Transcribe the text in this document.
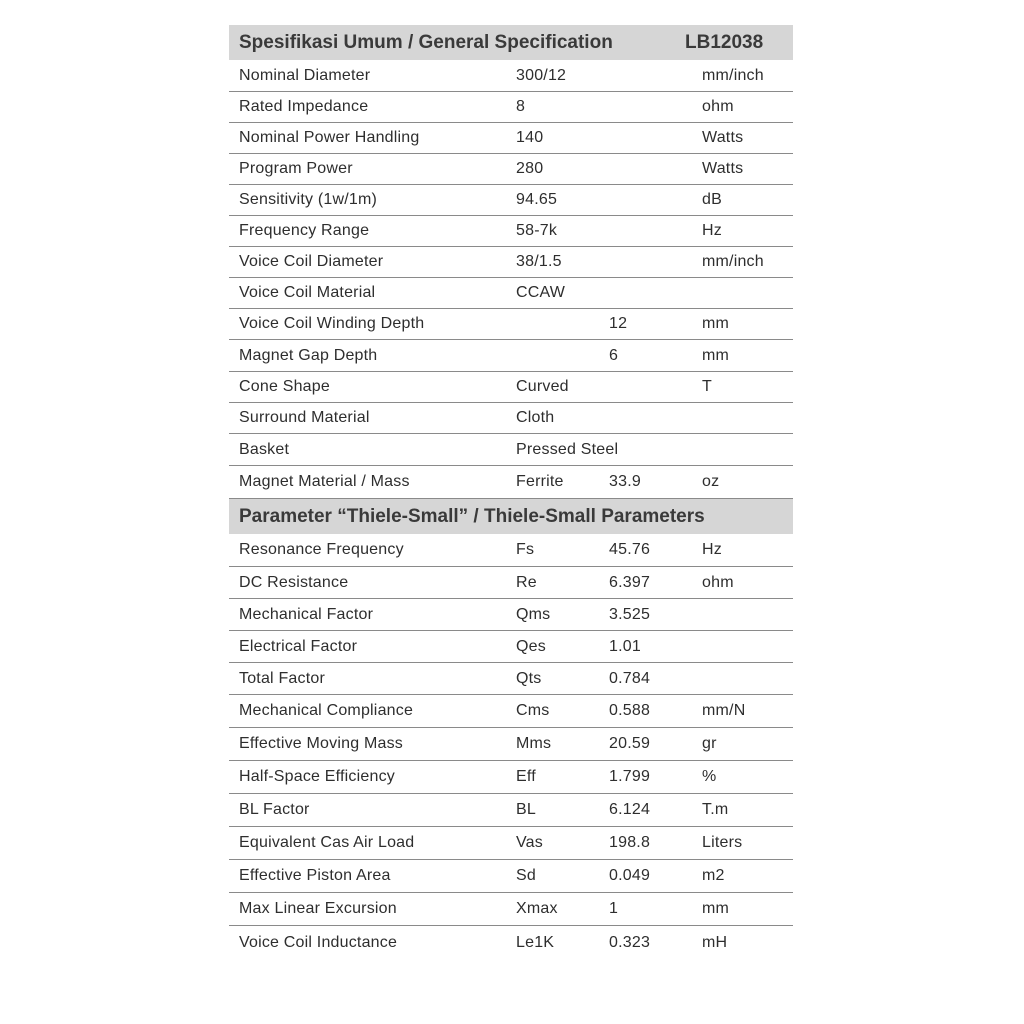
Spesifikasi Umum / General Specification	LB12038
Nominal Diameter	300/12	mm/inch
Rated Impedance	8	ohm
Nominal Power Handling	140	Watts
Program Power	280	Watts
Sensitivity (1w/1m)	94.65	dB
Frequency Range	58-7k	Hz
Voice Coil Diameter	38/1.5	mm/inch
Voice Coil Material	CCAW
Voice Coil Winding Depth	12	mm
Magnet Gap Depth	6	mm
Cone Shape	Curved	T
Surround Material	Cloth
Basket	Pressed Steel
Magnet Material / Mass	Ferrite	33.9	oz
Parameter “Thiele-Small” / Thiele-Small Parameters
Resonance Frequency	Fs	45.76	Hz
DC Resistance	Re	6.397	ohm
Mechanical Factor	Qms	3.525
Electrical Factor	Qes	1.01
Total Factor	Qts	0.784
Mechanical Compliance	Cms	0.588	mm/N
Effective Moving Mass	Mms	20.59	gr
Half-Space Efficiency	Eff	1.799	%
BL Factor	BL	6.124	T.m
Equivalent Cas Air Load	Vas	198.8	Liters
Effective Piston Area	Sd	0.049	m2
Max Linear Excursion	Xmax	1	mm
Voice Coil Inductance	Le1K	0.323	mH
